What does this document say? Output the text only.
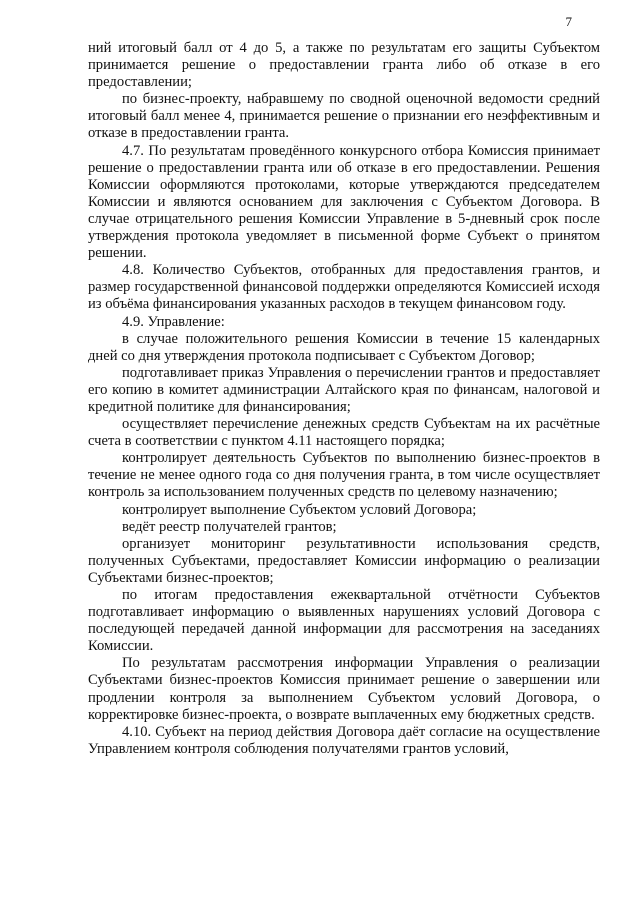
7

ний итоговый балл от 4 до 5, а также по результатам его защиты Субъектом принимается решение о предоставлении гранта либо об отказе в его предоставлении;

по бизнес-проекту, набравшему по сводной оценочной ведомости средний итоговый балл менее 4, принимается решение о признании его неэффективным и отказе в предоставлении гранта.

4.7. По результатам проведённого конкурсного отбора Комиссия принимает решение о предоставлении гранта или об отказе в его предоставлении. Решения Комиссии оформляются протоколами, которые утверждаются председателем Комиссии и являются основанием для заключения с Субъектом Договора. В случае отрицательного решения Комиссии Управление в 5-дневный срок после утверждения протокола уведомляет в письменной форме Субъект о принятом решении.

4.8. Количество Субъектов, отобранных для предоставления грантов, и размер государственной финансовой поддержки определяются Комиссией исходя из объёма финансирования указанных расходов в текущем финансовом году.

4.9. Управление:

в случае положительного решения Комиссии в течение 15 календарных дней со дня утверждения протокола подписывает с Субъектом Договор;

подготавливает приказ Управления о перечислении грантов и предоставляет его копию в комитет администрации Алтайского края по финансам, налоговой и кредитной политике для финансирования;

осуществляет перечисление денежных средств Субъектам на их расчётные счета в соответствии с пунктом 4.11 настоящего порядка;

контролирует деятельность Субъектов по выполнению бизнес-проектов в течение не менее одного года со дня получения гранта, в том числе осуществляет контроль за использованием полученных средств по целевому назначению;

контролирует выполнение Субъектом условий Договора;

ведёт реестр получателей грантов;

организует мониторинг результативности использования средств, полученных Субъектами, предоставляет Комиссии информацию о реализации Субъектами бизнес-проектов;

по итогам предоставления ежеквартальной отчётности Субъектов подготавливает информацию о выявленных нарушениях условий Договора с последующей передачей данной информации для рассмотрения на заседаниях Комиссии.

По результатам рассмотрения информации Управления о реализации Субъектами бизнес-проектов Комиссия принимает решение о завершении или продлении контроля за выполнением Субъектом условий Договора, о корректировке бизнес-проекта, о возврате выплаченных ему бюджетных средств.

4.10. Субъект на период действия Договора даёт согласие на осуществление Управлением контроля соблюдения получателями грантов условий,
